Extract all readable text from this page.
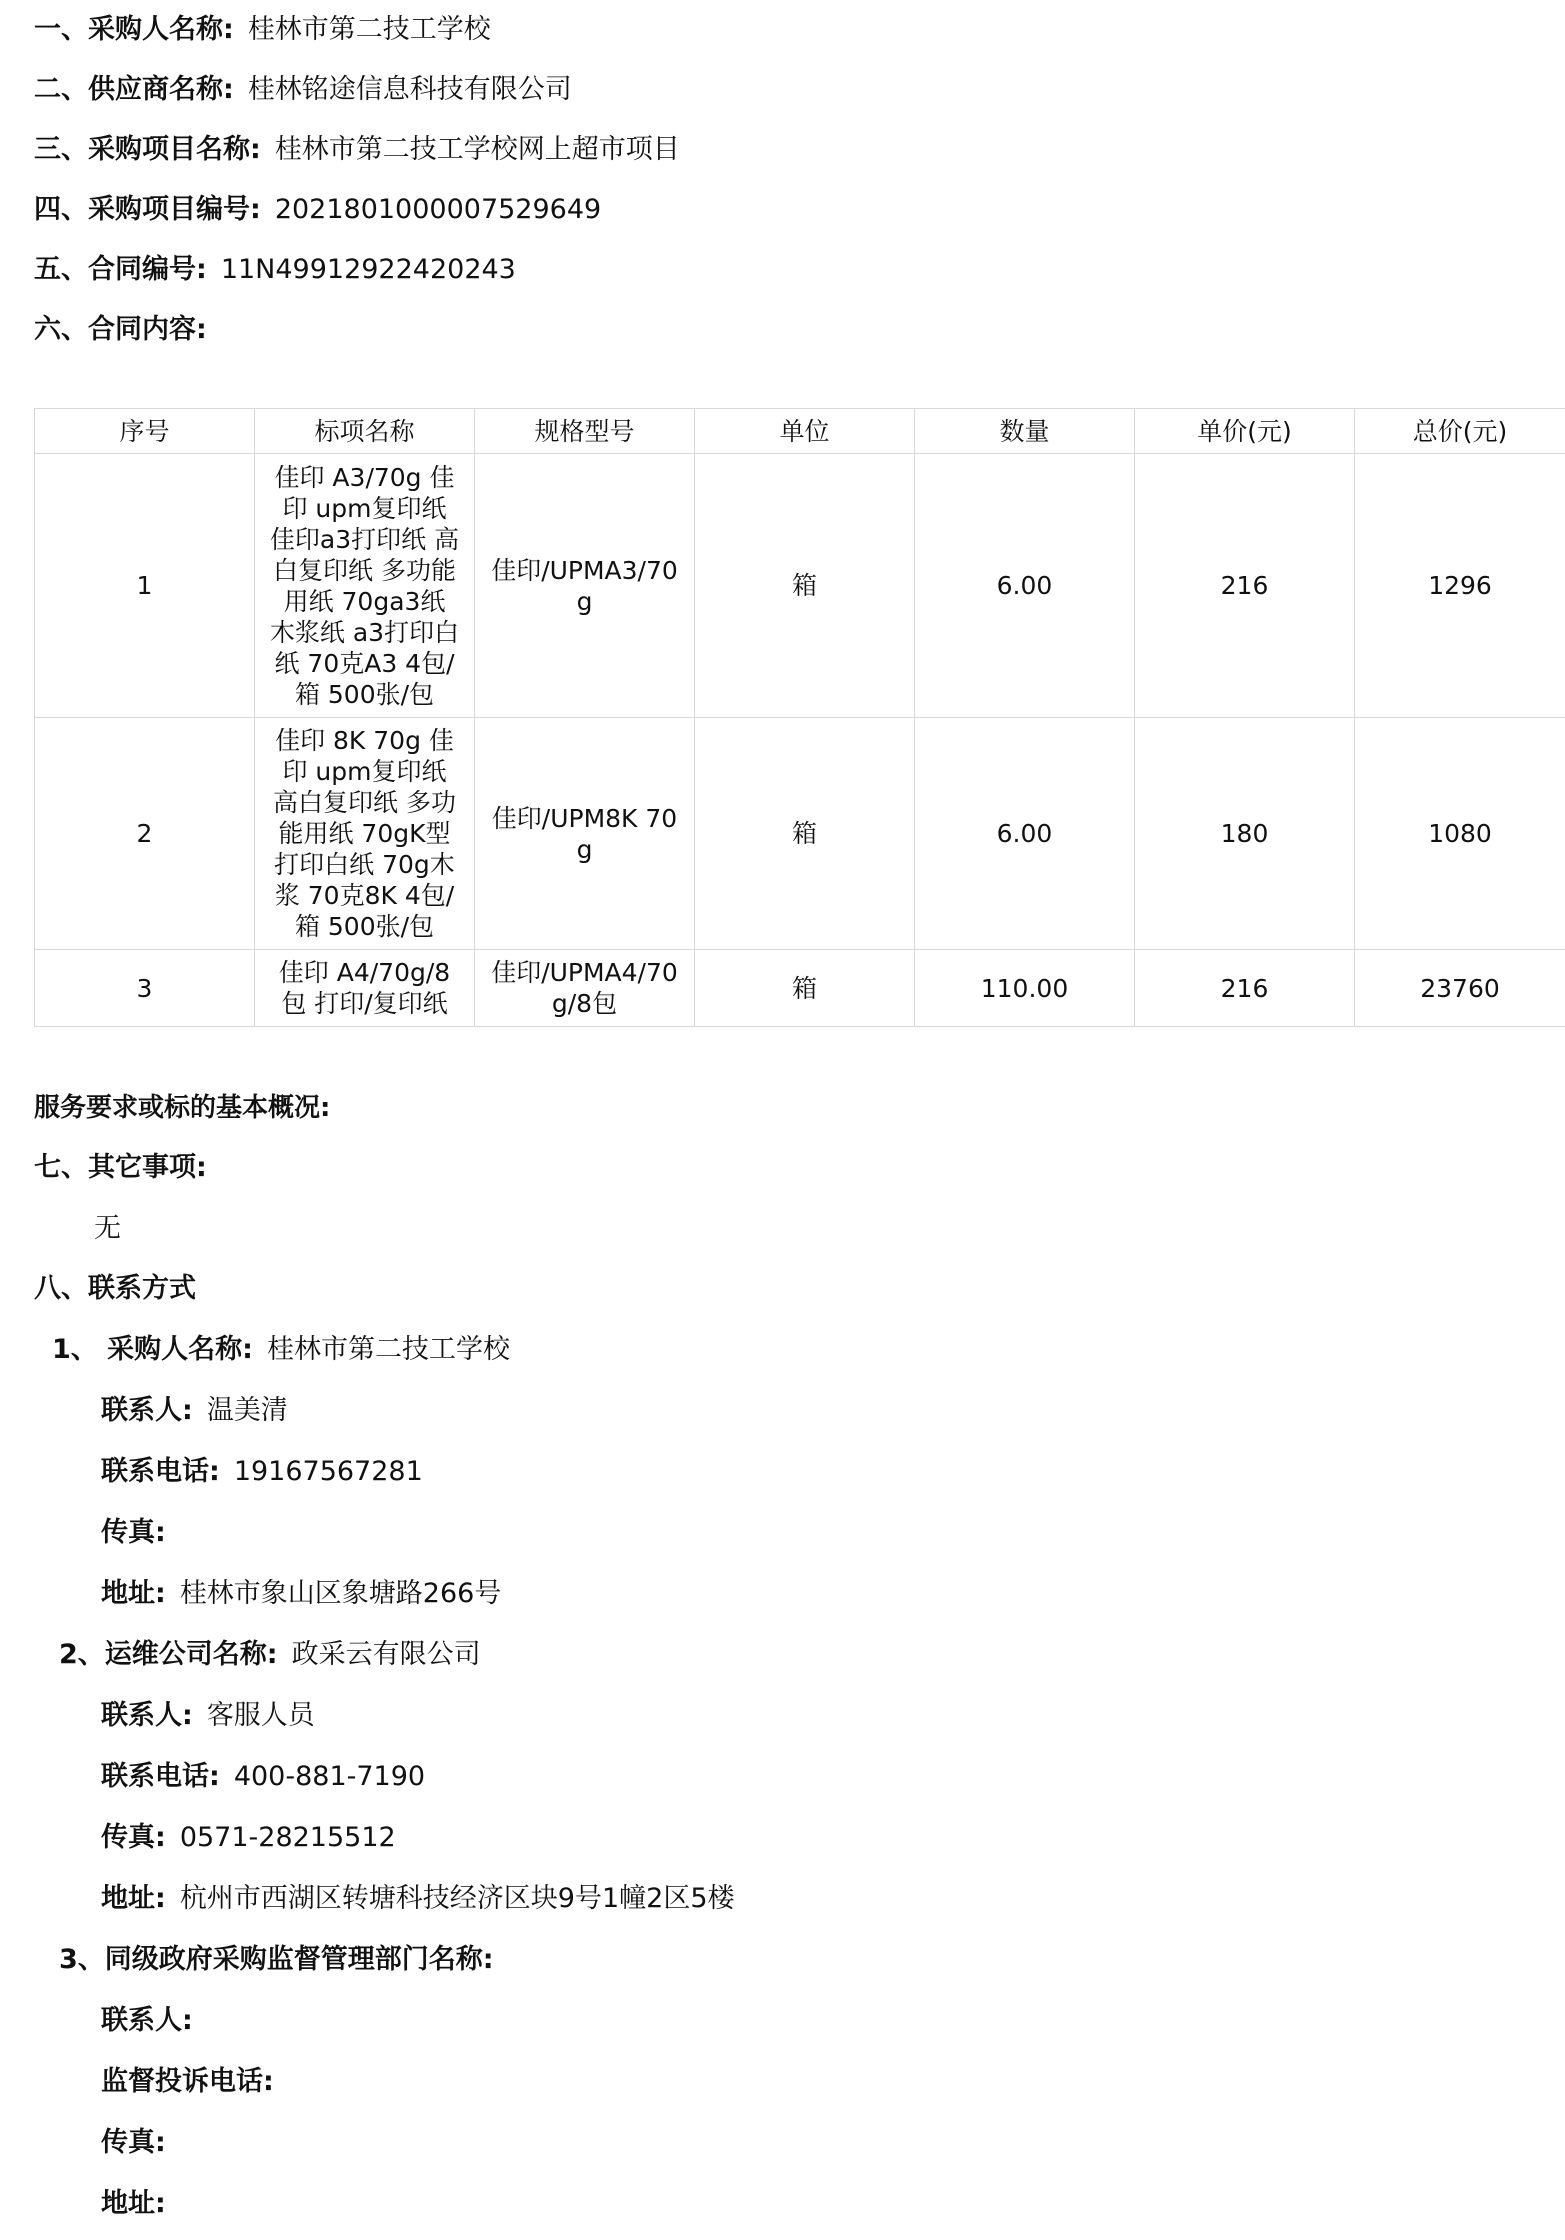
一、采购人名称: 桂林市第二技工学校
二、供应商名称: 桂林铭途信息科技有限公司
三、采购项目名称: 桂林市第二技工学校网上超市项目
四、采购项目编号: 2021801000007529649
五、合同编号: 11N49912922420243
六、合同内容:
序号	标项名称	规格型号	单位	数量	单价(元)	总价(元)
1	佳印 A3/70g 佳印 upm复印纸 佳印a3打印纸 高白复印纸 多功能用纸 70ga3纸 木浆纸 a3打印白纸 70克A3 4包/箱 500张/包	佳印/UPMA3/70g	箱	6.00	216	1296
2	佳印 8K 70g 佳印 upm复印纸 高白复印纸 多功能用纸 70gK型打印白纸 70g木浆 70克8K 4包/箱 500张/包	佳印/UPM8K 70g	箱	6.00	180	1080
3	佳印 A4/70g/8包 打印/复印纸	佳印/UPMA4/70g/8包	箱	110.00	216	23760
服务要求或标的基本概况:
七、其它事项:
无
八、联系方式
1、 采购人名称: 桂林市第二技工学校
联系人: 温美清
联系电话: 19167567281
传真:
地址: 桂林市象山区象塘路266号
2、运维公司名称: 政采云有限公司
联系人: 客服人员
联系电话: 400-881-7190
传真: 0571-28215512
地址: 杭州市西湖区转塘科技经济区块9号1幢2区5楼
3、同级政府采购监督管理部门名称:
联系人:
监督投诉电话:
传真:
地址:
